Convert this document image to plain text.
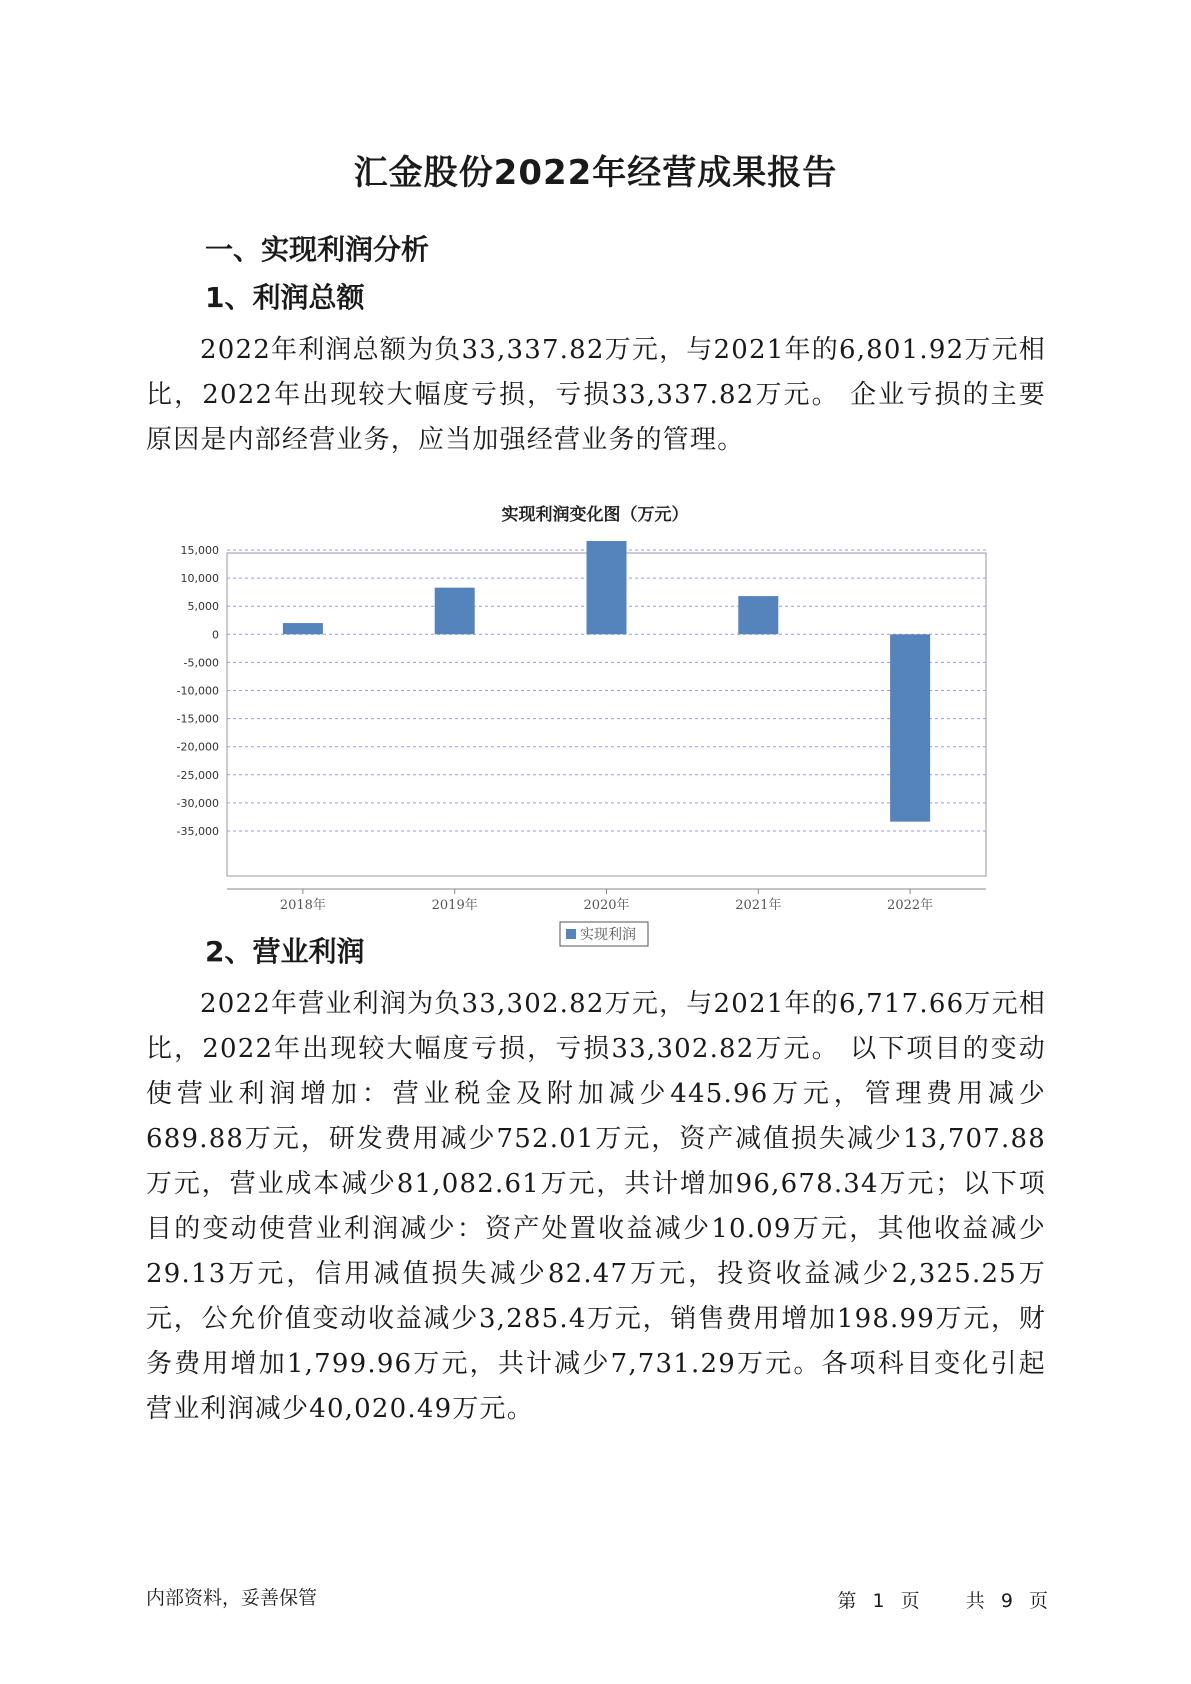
汇金股份2022年经营成果报告
一、实现利润分析
1、利润总额

2022年利润总额为负33,337.82万元，与2021年的6,801.92万元相比，2022年出现较大幅度亏损，亏损33,337.82万元。 企业亏损的主要原因是内部经营业务，应当加强经营业务的管理。

实现利润变化图（万元）
15,000
10,000
5,000
0
-5,000
-10,000
-15,000
-20,000
-25,000
-30,000
-35,000
2018年	2019年	2020年	2021年	2022年
实现利润
2、营业利润

2022年营业利润为负33,302.82万元，与2021年的6,717.66万元相比，2022年出现较大幅度亏损，亏损33,302.82万元。 以下项目的变动使营业利润增加：营业税金及附加减少445.96万元，管理费用减少689.88万元，研发费用减少752.01万元，资产减值损失减少13,707.88万元，营业成本减少81,082.61万元，共计增加96,678.34万元；以下项目的变动使营业利润减少：资产处置收益减少10.09万元，其他收益减少29.13万元，信用减值损失减少82.47万元，投资收益减少2,325.25万元，公允价值变动收益减少3,285.4万元，销售费用增加198.99万元，财务费用增加1,799.96万元，共计减少7,731.29万元。各项科目变化引起营业利润减少40,020.49万元。

内部资料，妥善保管	第 1 页 共 9 页
